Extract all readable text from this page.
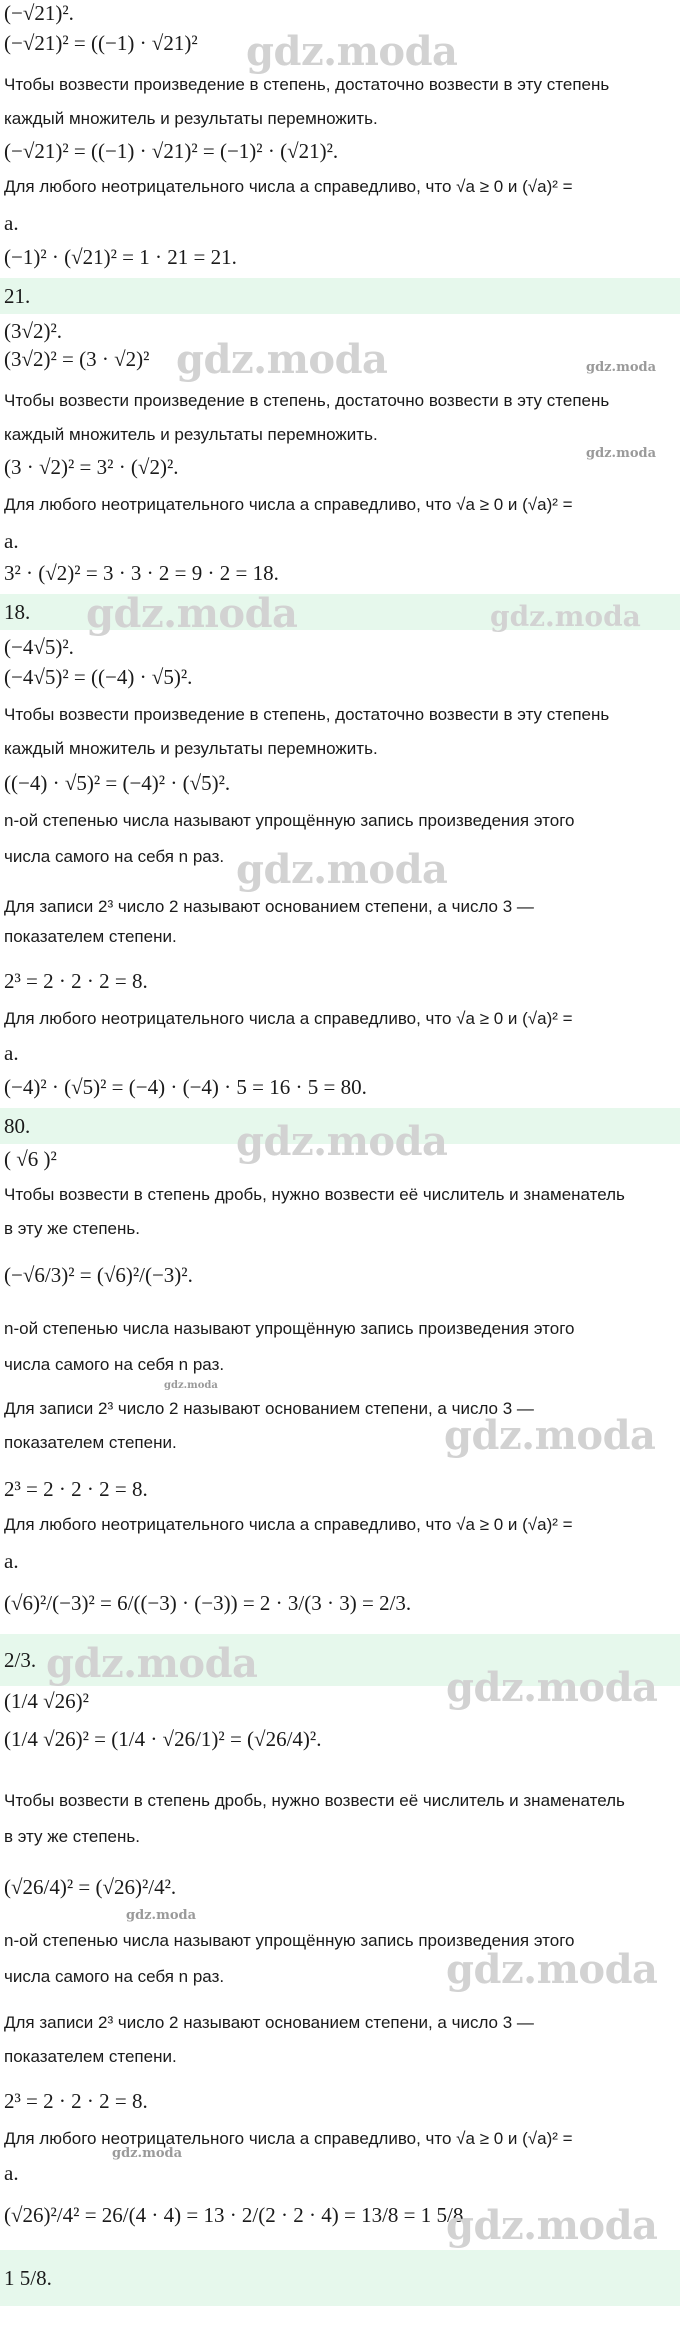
(−√21)².
(−√21)² = ((−1) · √21)²
Чтобы возвести произведение в степень, достаточно возвести в эту степень
каждый множитель и результаты перемножить.
(−√21)² = ((−1) · √21)² = (−1)² · (√21)².
Для любого неотрицательного числа a справедливо, что √a ≥ 0 и (√a)² =
a.
(−1)² · (√21)² = 1 · 21 = 21.
21.
(3√2)².
(3√2)² = (3 · √2)²
Чтобы возвести произведение в степень, достаточно возвести в эту степень
каждый множитель и результаты перемножить.
(3 · √2)² = 3² · (√2)².
Для любого неотрицательного числа a справедливо, что √a ≥ 0 и (√a)² =
a.
3² · (√2)² = 3 · 3 · 2 = 9 · 2 = 18.
18.
(−4√5)².
(−4√5)² = ((−4) · √5)².
Чтобы возвести произведение в степень, достаточно возвести в эту степень
каждый множитель и результаты перемножить.
((−4) · √5)² = (−4)² · (√5)².
n-ой степенью числа называют упрощённую запись произведения этого
числа самого на себя n раз.
Для записи 2³ число 2 называют основанием степени, а число 3 —
показателем степени.
2³ = 2 · 2 · 2 = 8.
Для любого неотрицательного числа a справедливо, что √a ≥ 0 и (√a)² =
a.
(−4)² · (√5)² = (−4) · (−4) · 5 = 16 · 5 = 80.
80.
( √6 )²
Чтобы возвести в степень дробь, нужно возвести её числитель и знаменатель
в эту же степень.
(−√6/3)² = (√6)²/(−3)².
n-ой степенью числа называют упрощённую запись произведения этого
числа самого на себя n раз.
Для записи 2³ число 2 называют основанием степени, а число 3 —
показателем степени.
2³ = 2 · 2 · 2 = 8.
Для любого неотрицательного числа a справедливо, что √a ≥ 0 и (√a)² =
a.
(√6)²/(−3)² = 6/((−3) · (−3)) = 2 · 3/(3 · 3) = 2/3.
2/3.
(1/4 √26)²
(1/4 √26)² = (1/4 · √26/1)² = (√26/4)².
Чтобы возвести в степень дробь, нужно возвести её числитель и знаменатель
в эту же степень.
(√26/4)² = (√26)²/4².
n-ой степенью числа называют упрощённую запись произведения этого
числа самого на себя n раз.
Для записи 2³ число 2 называют основанием степени, а число 3 —
показателем степени.
2³ = 2 · 2 · 2 = 8.
Для любого неотрицательного числа a справедливо, что √a ≥ 0 и (√a)² =
a.
(√26)²/4² = 26/(4 · 4) = 13 · 2/(2 · 2 · 4) = 13/8 = 1 5/8.
1 5/8.
gdz.moda
gdz.moda	gdz.moda
gdz.moda
gdz.moda	gdz.moda
gdz.moda
gdz.moda
gdz.moda
gdz.moda
gdz.moda
gdz.moda
gdz.moda
gdz.moda
gdz.moda
gdz.moda
